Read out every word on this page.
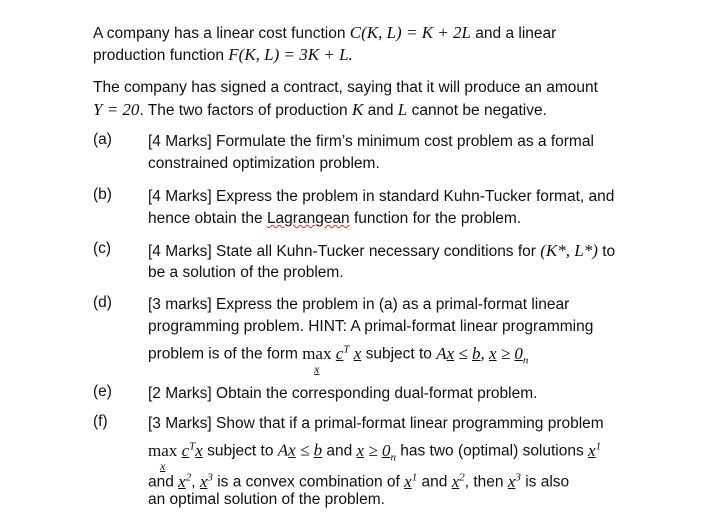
A company has a linear cost function C(K, L) = K + 2L and a linear
production function F(K, L) = 3K + L.
The company has signed a contract, saying that it will produce an amount
Y = 20. The two factors of production K and L cannot be negative.
(a) [4 Marks] Formulate the firm’s minimum cost problem as a formal
constrained optimization problem.
(b) [4 Marks] Express the problem in standard Kuhn-Tucker format, and
hence obtain the Lagrangean function for the problem.
(c) [4 Marks] State all Kuhn-Tucker necessary conditions for (K*, L*) to
be a solution of the problem.
(d) [3 marks] Express the problem in (a) as a primal-format linear
programming problem. HINT: A primal-format linear programming
problem is of the form max
x
$c^T$ x subject to Ax ≤ b, $x \ge 0_n$
(e) [2 Marks] Obtain the corresponding dual-format problem.
(f)	[3 Marks] Show that if a primal-format linear programming problem
max
x
$c^Tx$ subject to Ax ≤ b and $x \ge 0_n$ has two (optimal) solutions $x^1$
and $x^2$, $x^3$ is a convex combination of $x^1$ and $x^2$, then $x^3$ is also
an optimal solution of the problem.
